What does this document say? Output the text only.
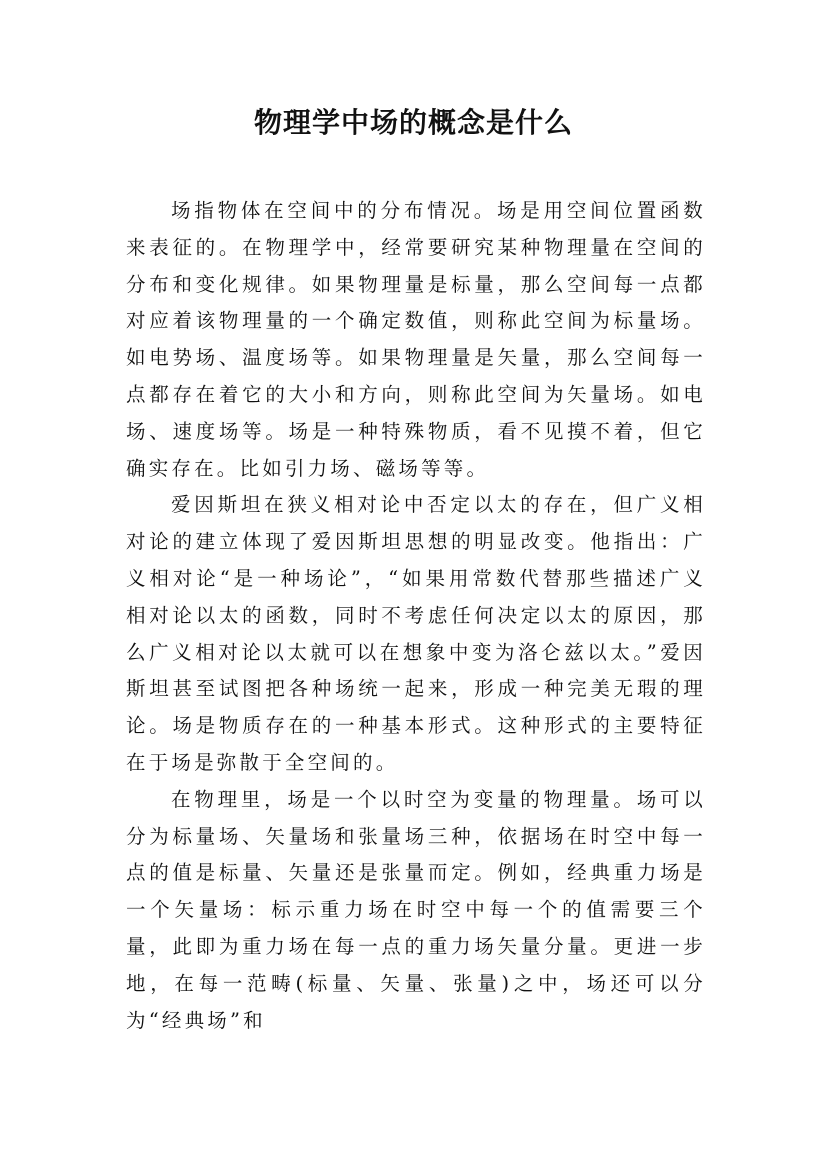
物理学中场的概念是什么

场指物体在空间中的分布情况。场是用空间位置函数来表征的。在物理学中，经常要研究某种物理量在空间的分布和变化规律。如果物理量是标量，那么空间每一点都对应着该物理量的一个确定数值，则称此空间为标量场。如电势场、温度场等。如果物理量是矢量，那么空间每一点都存在着它的大小和方向，则称此空间为矢量场。如电场、速度场等。场是一种特殊物质，看不见摸不着，但它确实存在。比如引力场、磁场等等。

爱因斯坦在狭义相对论中否定以太的存在，但广义相对论的建立体现了爱因斯坦思想的明显改变。他指出：广义相对论“是一种场论”，“如果用常数代替那些描述广义相对论以太的函数，同时不考虑任何决定以太的原因，那么广义相对论以太就可以在想象中变为洛仑兹以太。”爱因斯坦甚至试图把各种场统一起来，形成一种完美无瑕的理论。场是物质存在的一种基本形式。这种形式的主要特征在于场是弥散于全空间的。

在物理里，场是一个以时空为变量的物理量。场可以分为标量场、矢量场和张量场三种，依据场在时空中每一点的值是标量、矢量还是张量而定。例如，经典重力场是一个矢量场：标示重力场在时空中每一个的值需要三个量，此即为重力场在每一点的重力场矢量分量。更进一步地，在每一范畴(标量、矢量、张量)之中，场还可以分为“经典场”和
